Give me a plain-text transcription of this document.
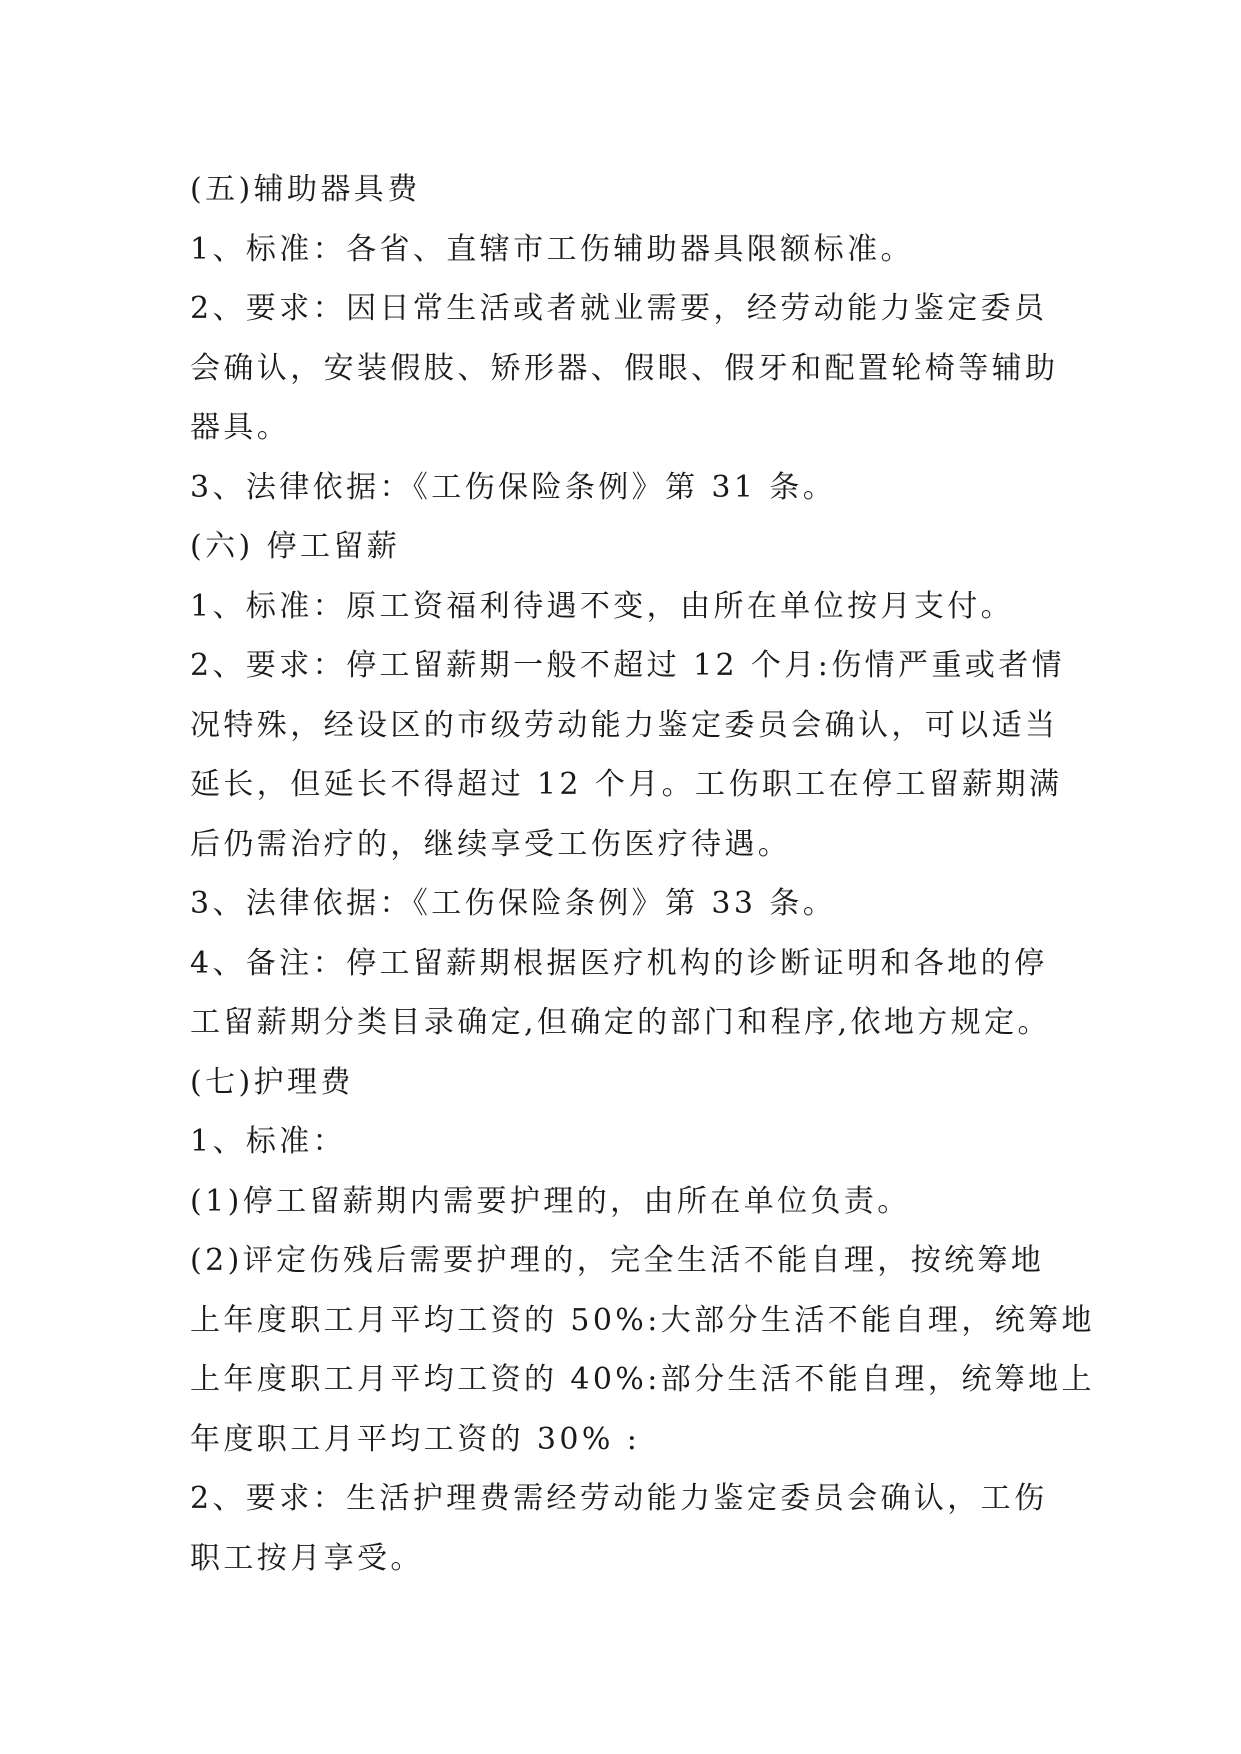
(五)辅助器具费
1、标准：各省、直辖市工伤辅助器具限额标准。
2、要求：因日常生活或者就业需要，经劳动能力鉴定委员
会确认，安装假肢、矫形器、假眼、假牙和配置轮椅等辅助
器具。
3、法律依据：《工伤保险条例》第 31 条。
(六) 停工留薪
1、标准：原工资福利待遇不变，由所在单位按月支付。
2、要求：停工留薪期一般不超过 12 个月:伤情严重或者情
况特殊，经设区的市级劳动能力鉴定委员会确认，可以适当
延长，但延长不得超过 12 个月。工伤职工在停工留薪期满
后仍需治疗的，继续享受工伤医疗待遇。
3、法律依据：《工伤保险条例》第 33 条。
4、备注：停工留薪期根据医疗机构的诊断证明和各地的停
工留薪期分类目录确定,但确定的部门和程序,依地方规定。
(七)护理费
1、标准：
(1)停工留薪期内需要护理的，由所在单位负责。
(2)评定伤残后需要护理的，完全生活不能自理，按统筹地
上年度职工月平均工资的 50%:大部分生活不能自理，统筹地
上年度职工月平均工资的 40%:部分生活不能自理，统筹地上
年度职工月平均工资的 30% :
2、要求：生活护理费需经劳动能力鉴定委员会确认，工伤
职工按月享受。
